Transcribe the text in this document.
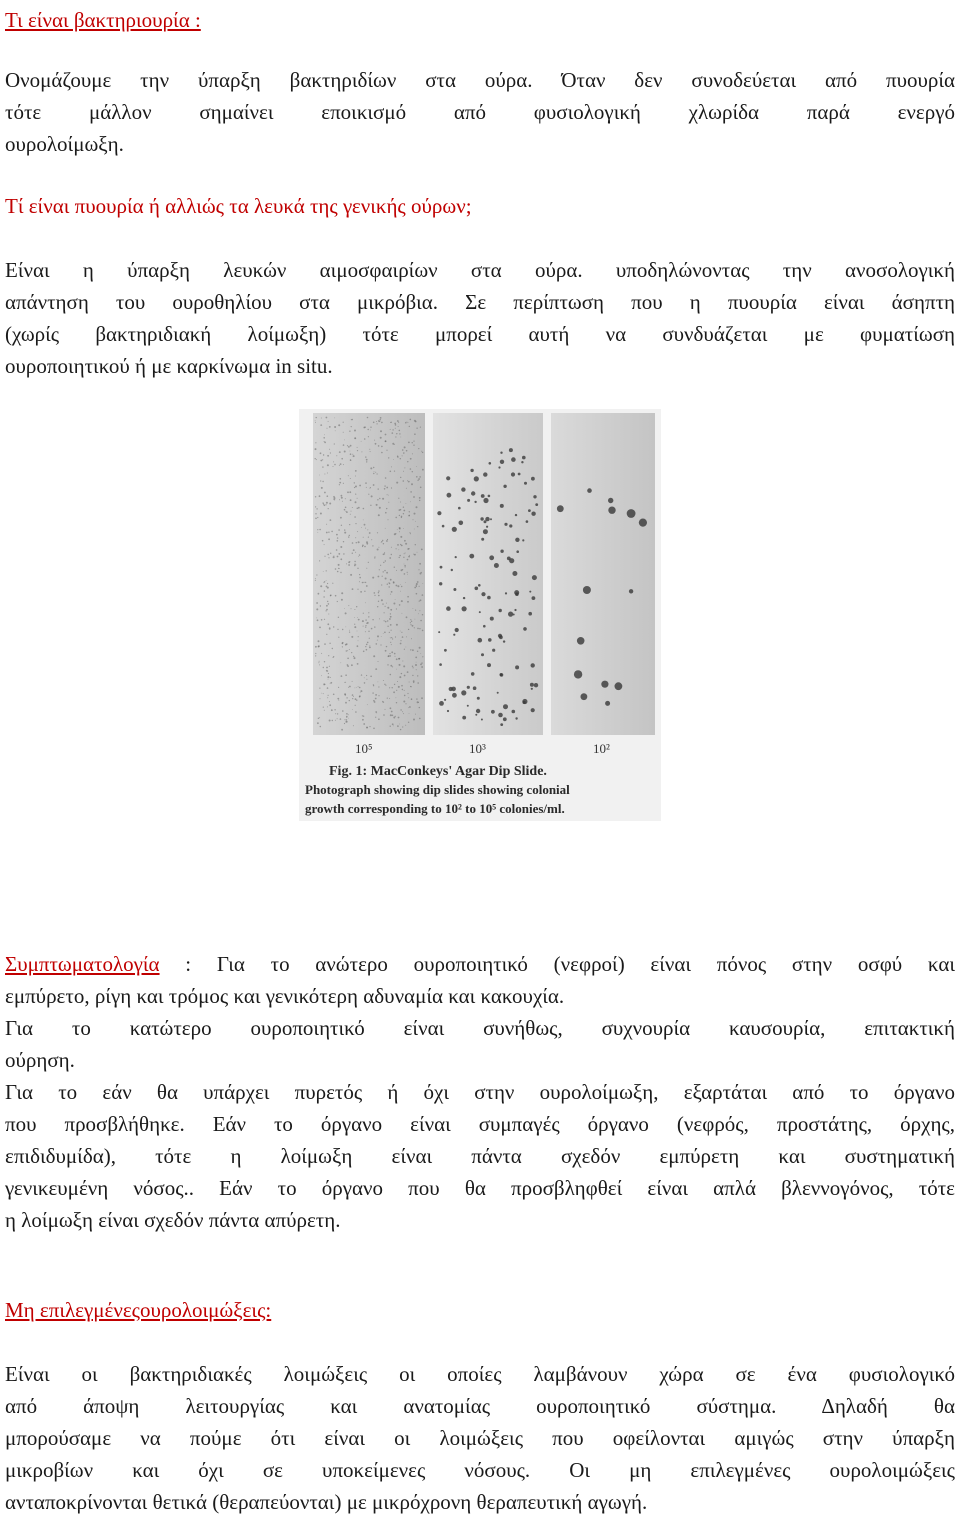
Τι είναι βακτηριουρία :
Ονομάζουμε την ύπαρξη βακτηριδίων στα ούρα. Όταν δεν συνοδεύεται από πυουρία
τότε μάλλον σημαίνει εποικισμό από φυσιολογική χλωρίδα παρά ενεργό
ουρολοίμωξη.
Τί είναι πυουρία ή αλλιώς τα λευκά της γενικής ούρων;
Είναι η ύπαρξη λευκών αιμοσφαιρίων στα ούρα. υποδηλώνοντας την ανοσολογική
απάντηση του ουροθηλίου στα μικρόβια. Σε περίπτωση που η πυουρία είναι άσηπτη
(χωρίς βακτηριδιακή λοίμωξη) τότε μπορεί αυτή να συνδυάζεται με φυματίωση
ουροποιητικού ή με καρκίνωμα in situ.
10⁵	10³	10²
Fig. 1: MacConkeys' Agar Dip Slide.
Photograph showing dip slides showing colonial
growth corresponding to 10² to 10⁵ colonies/ml.
Συμπτωματολογία : Για το ανώτερο ουροποιητικό (νεφροί) είναι πόνος στην οσφύ και
εμπύρετο, ρίγη και τρόμος και γενικότερη αδυναμία και κακουχία.
Για το κατώτερο ουροποιητικό είναι συνήθως, συχνουρία καυσουρία, επιτακτική
ούρηση.
Για το εάν θα υπάρχει πυρετός ή όχι στην ουρολοίμωξη, εξαρτάται από το όργανο
που προσβλήθηκε. Εάν το όργανο είναι συμπαγές όργανο (νεφρός, προστάτης, όρχης,
επιδιδυμίδα), τότε η λοίμωξη είναι πάντα σχεδόν εμπύρετη και συστηματική
γενικευμένη νόσος.. Εάν το όργανο που θα προσβληφθεί είναι απλά βλεννογόνος, τότε
η λοίμωξη είναι σχεδόν πάντα απύρετη.
Μη επιλεγμένεςουρολοιμώξεις:
Είναι οι βακτηριδιακές λοιμώξεις οι οποίες λαμβάνουν χώρα σε ένα φυσιολογικό
από άποψη λειτουργίας και ανατομίας ουροποιητικό σύστημα. Δηλαδή θα
μπορούσαμε να πούμε ότι είναι οι λοιμώξεις που οφείλονται αμιγώς στην ύπαρξη
μικροβίων και όχι σε υποκείμενες νόσους. Οι μη επιλεγμένες ουρολοιμώξεις
ανταποκρίνονται θετικά (θεραπεύονται) με μικρόχρονη θεραπευτική αγωγή.
